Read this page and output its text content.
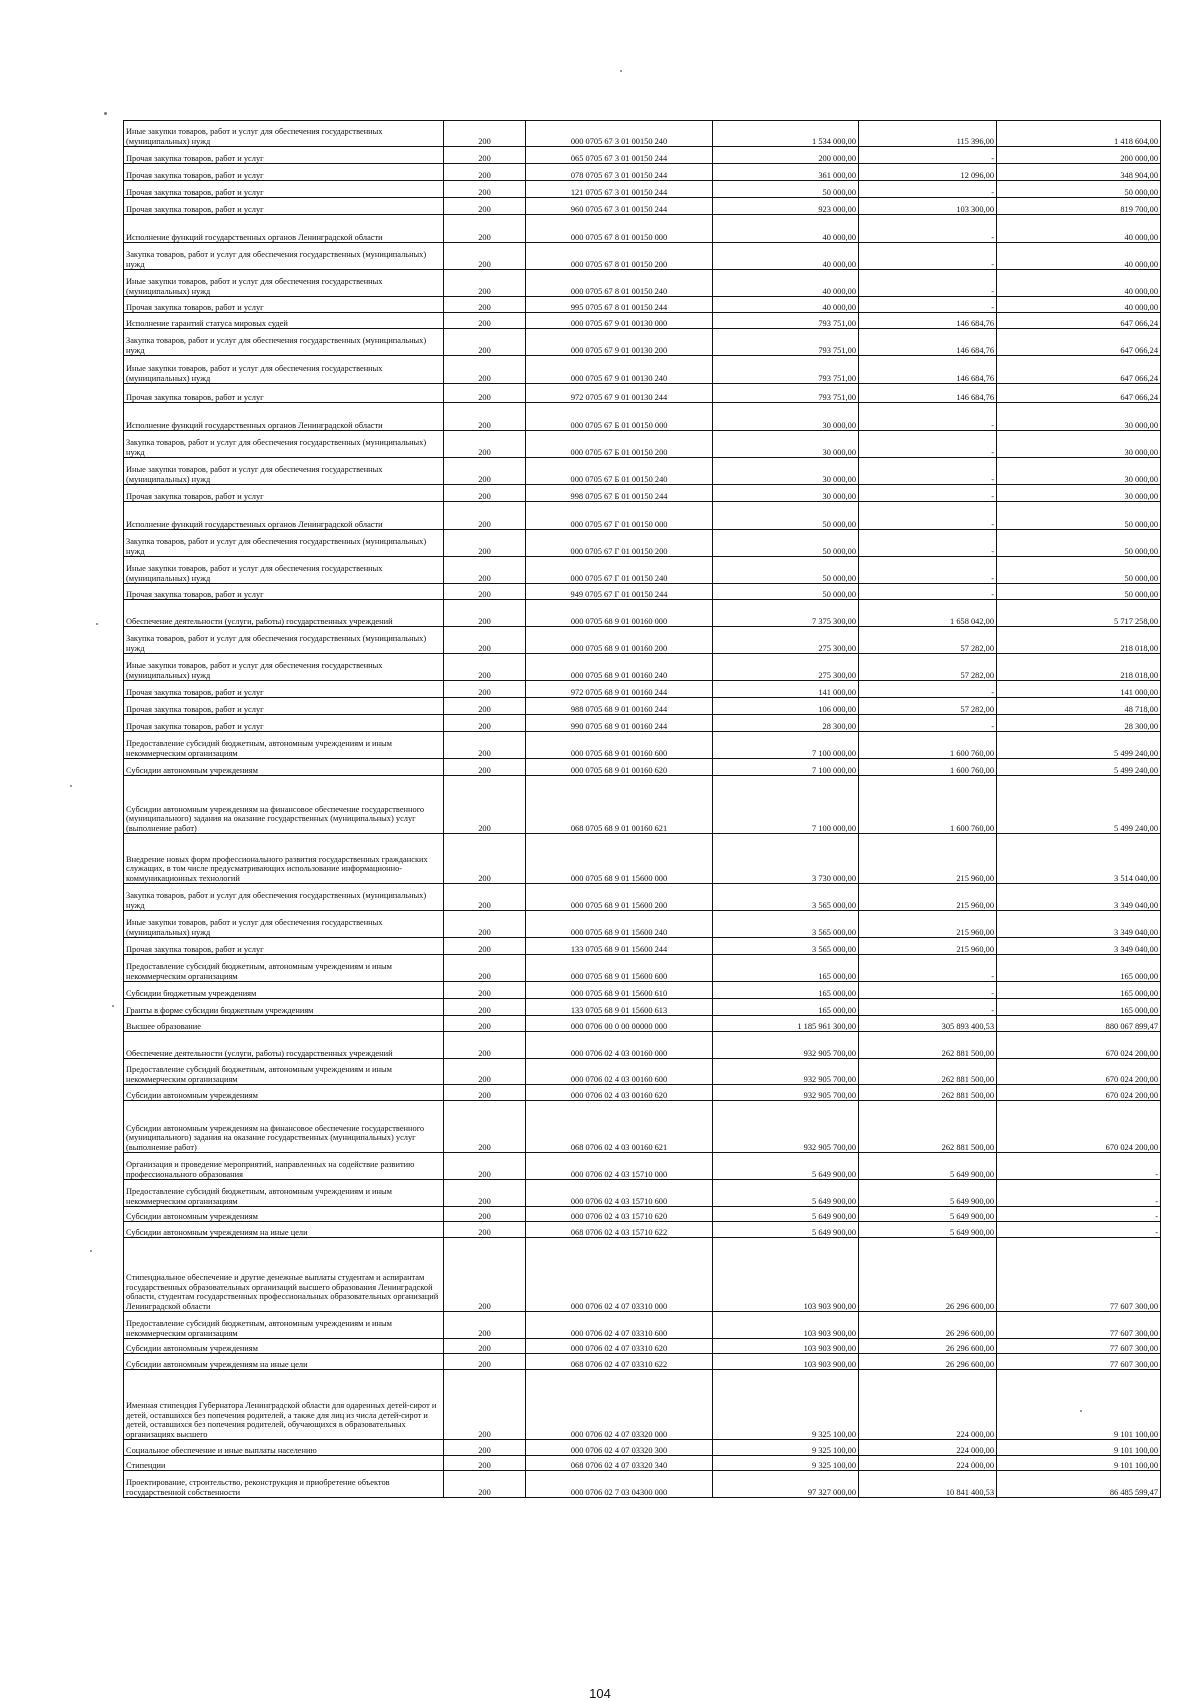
Иные закупки товаров, работ и услуг для обеспечения государственных (муниципальных) нужд	200	000 0705 67 3 01 00150 240	1 534 000,00	115 396,00	1 418 604,00
Прочая закупка товаров, работ и услуг	200	065 0705 67 3 01 00150 244	200 000,00	-	200 000,00
Прочая закупка товаров, работ и услуг	200	078 0705 67 3 01 00150 244	361 000,00	12 096,00	348 904,00
Прочая закупка товаров, работ и услуг	200	121 0705 67 3 01 00150 244	50 000,00	-	50 000,00
Прочая закупка товаров, работ и услуг	200	960 0705 67 3 01 00150 244	923 000,00	103 300,00	819 700,00
Исполнение функций государственных органов Ленинградской области	200	000 0705 67 8 01 00150 000	40 000,00	-	40 000,00
Закупка товаров, работ и услуг для обеспечения государственных (муниципальных) нужд	200	000 0705 67 8 01 00150 200	40 000,00	-	40 000,00
Иные закупки товаров, работ и услуг для обеспечения государственных (муниципальных) нужд	200	000 0705 67 8 01 00150 240	40 000,00	-	40 000,00
Прочая закупка товаров, работ и услуг	200	995 0705 67 8 01 00150 244	40 000,00	-	40 000,00
Исполнение гарантий статуса мировых судей	200	000 0705 67 9 01 00130 000	793 751,00	146 684,76	647 066,24
Закупка товаров, работ и услуг для обеспечения государственных (муниципальных) нужд	200	000 0705 67 9 01 00130 200	793 751,00	146 684,76	647 066,24
Иные закупки товаров, работ и услуг для обеспечения государственных (муниципальных) нужд	200	000 0705 67 9 01 00130 240	793 751,00	146 684,76	647 066,24
Прочая закупка товаров, работ и услуг	200	972 0705 67 9 01 00130 244	793 751,00	146 684,76	647 066,24
Исполнение функций государственных органов Ленинградской области	200	000 0705 67 Б 01 00150 000	30 000,00	-	30 000,00
Закупка товаров, работ и услуг для обеспечения государственных (муниципальных) нужд	200	000 0705 67 Б 01 00150 200	30 000,00	-	30 000,00
Иные закупки товаров, работ и услуг для обеспечения государственных (муниципальных) нужд	200	000 0705 67 Б 01 00150 240	30 000,00	-	30 000,00
Прочая закупка товаров, работ и услуг	200	998 0705 67 Б 01 00150 244	30 000,00	-	30 000,00
Исполнение функций государственных органов Ленинградской области	200	000 0705 67 Г 01 00150 000	50 000,00	-	50 000,00
Закупка товаров, работ и услуг для обеспечения государственных (муниципальных) нужд	200	000 0705 67 Г 01 00150 200	50 000,00	-	50 000,00
Иные закупки товаров, работ и услуг для обеспечения государственных (муниципальных) нужд	200	000 0705 67 Г 01 00150 240	50 000,00	-	50 000,00
Прочая закупка товаров, работ и услуг	200	949 0705 67 Г 01 00150 244	50 000,00	-	50 000,00
Обеспечение деятельности (услуги, работы) государственных учреждений	200	000 0705 68 9 01 00160 000	7 375 300,00	1 658 042,00	5 717 258,00
Закупка товаров, работ и услуг для обеспечения государственных (муниципальных) нужд	200	000 0705 68 9 01 00160 200	275 300,00	57 282,00	218 018,00
Иные закупки товаров, работ и услуг для обеспечения государственных (муниципальных) нужд	200	000 0705 68 9 01 00160 240	275 300,00	57 282,00	218 018,00
Прочая закупка товаров, работ и услуг	200	972 0705 68 9 01 00160 244	141 000,00	-	141 000,00
Прочая закупка товаров, работ и услуг	200	988 0705 68 9 01 00160 244	106 000,00	57 282,00	48 718,00
Прочая закупка товаров, работ и услуг	200	990 0705 68 9 01 00160 244	28 300,00	-	28 300,00
Предоставление субсидий бюджетным, автономным учреждениям и иным некоммерческим организациям	200	000 0705 68 9 01 00160 600	7 100 000,00	1 600 760,00	5 499 240,00
Субсидии автономным учреждениям	200	000 0705 68 9 01 00160 620	7 100 000,00	1 600 760,00	5 499 240,00
Субсидии автономным учреждениям на финансовое обеспечение государственного (муниципального) задания на оказание государственных (муниципальных) услуг (выполнение работ)	200	068 0705 68 9 01 00160 621	7 100 000,00	1 600 760,00	5 499 240,00
Внедрение новых форм профессионального развития государственных гражданских служащих, в том числе предусматривающих использование информационно-коммуникационных технологий	200	000 0705 68 9 01 15600 000	3 730 000,00	215 960,00	3 514 040,00
Закупка товаров, работ и услуг для обеспечения государственных (муниципальных) нужд	200	000 0705 68 9 01 15600 200	3 565 000,00	215 960,00	3 349 040,00
Иные закупки товаров, работ и услуг для обеспечения государственных (муниципальных) нужд	200	000 0705 68 9 01 15600 240	3 565 000,00	215 960,00	3 349 040,00
Прочая закупка товаров, работ и услуг	200	133 0705 68 9 01 15600 244	3 565 000,00	215 960,00	3 349 040,00
Предоставление субсидий бюджетным, автономным учреждениям и иным некоммерческим организациям	200	000 0705 68 9 01 15600 600	165 000,00	-	165 000,00
Субсидии бюджетным учреждениям	200	000 0705 68 9 01 15600 610	165 000,00	-	165 000,00
Гранты в форме субсидии бюджетным учреждениям	200	133 0705 68 9 01 15600 613	165 000,00	-	165 000,00
Высшее образование	200	000 0706 00 0 00 00000 000	1 185 961 300,00	305 893 400,53	880 067 899,47
Обеспечение деятельности (услуги, работы) государственных учреждений	200	000 0706 02 4 03 00160 000	932 905 700,00	262 881 500,00	670 024 200,00
Предоставление субсидий бюджетным, автономным учреждениям и иным некоммерческим организациям	200	000 0706 02 4 03 00160 600	932 905 700,00	262 881 500,00	670 024 200,00
Субсидии автономным учреждениям	200	000 0706 02 4 03 00160 620	932 905 700,00	262 881 500,00	670 024 200,00
Субсидии автономным учреждениям на финансовое обеспечение государственного (муниципального) задания на оказание государственных (муниципальных) услуг (выполнение работ)	200	068 0706 02 4 03 00160 621	932 905 700,00	262 881 500,00	670 024 200,00
Организация и проведение мероприятий, направленных на содействие развитию профессионального образования	200	000 0706 02 4 03 15710 000	5 649 900,00	5 649 900,00	-
Предоставление субсидий бюджетным, автономным учреждениям и иным некоммерческим организациям	200	000 0706 02 4 03 15710 600	5 649 900,00	5 649 900,00	-
Субсидии автономным учреждениям	200	000 0706 02 4 03 15710 620	5 649 900,00	5 649 900,00	-
Субсидии автономным учреждениям на иные цели	200	068 0706 02 4 03 15710 622	5 649 900,00	5 649 900,00	-
Стипендиальное обеспечение и другие денежные выплаты студентам и аспирантам государственных образовательных организаций высшего образования Ленинградской области, студентам государственных профессиональных образовательных организаций Ленинградской области	200	000 0706 02 4 07 03310 000	103 903 900,00	26 296 600,00	77 607 300,00
Предоставление субсидий бюджетным, автономным учреждениям и иным некоммерческим организациям	200	000 0706 02 4 07 03310 600	103 903 900,00	26 296 600,00	77 607 300,00
Субсидии автономным учреждениям	200	000 0706 02 4 07 03310 620	103 903 900,00	26 296 600,00	77 607 300,00
Субсидии автономным учреждениям на иные цели	200	068 0706 02 4 07 03310 622	103 903 900,00	26 296 600,00	77 607 300,00
Именная стипендия Губернатора Ленинградской области для одаренных детей-сирот и детей, оставшихся без попечения родителей, а также для лиц из числа детей-сирот и детей, оставшихся без попечения родителей, обучающихся в образовательных организациях высшего	200	000 0706 02 4 07 03320 000	9 325 100,00	224 000,00	9 101 100,00
Социальное обеспечение и иные выплаты населению	200	000 0706 02 4 07 03320 300	9 325 100,00	224 000,00	9 101 100,00
Стипендии	200	068 0706 02 4 07 03320 340	9 325 100,00	224 000,00	9 101 100,00
Проектирование, строительство, реконструкция и приобретение объектов государственной собственности	200	000 0706 02 7 03 04300 000	97 327 000,00	10 841 400,53	86 485 599,47
104
